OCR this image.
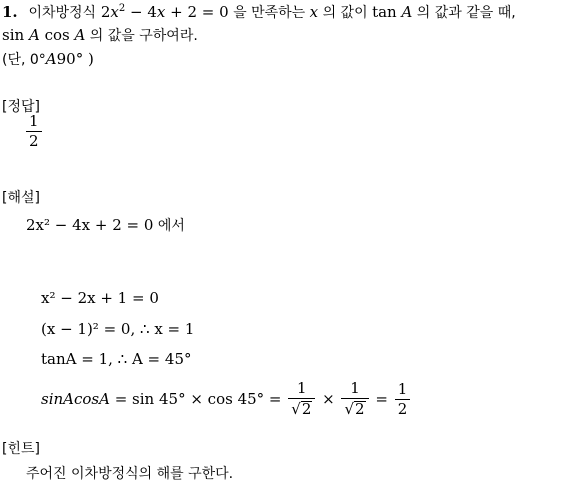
1. 이차방정식 $2x^2 - 4x + 2 = 0$ 을 만족하는 x 의 값이 tan A 의 값과 같을 때,
sin A cos A 의 값을 구하여라.
(단, 0°A90° )
[정답]
$\frac{1}{2}$
[해설]
2x² − 4x + 2 = 0 에서
x² − 2x + 1 = 0
(x − 1)² = 0, ∴ x = 1
tanA = 1, ∴ A = 45°
sinAcosA = $\sin 45^\circ \times \cos 45^\circ = \frac{1}{√ 2} \times \frac{1}{√ 2} = \frac{1}{2}$
[힌트]
주어진 이차방정식의 해를 구한다.
